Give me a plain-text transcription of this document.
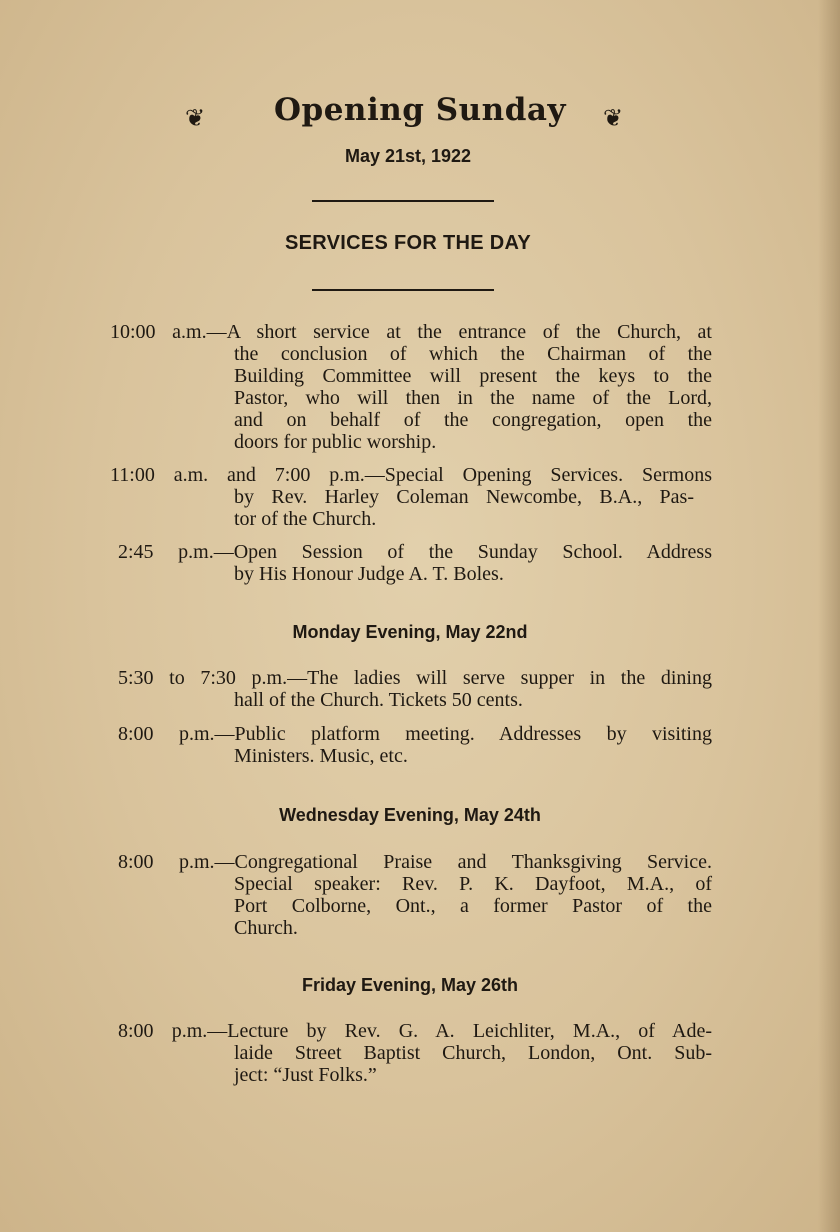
❦	Opening Sunday	❦
May 21st, 1922
SERVICES FOR THE DAY
10:00 a.m.—A short service at the entrance of the Church, at
the conclusion of which the Chairman of the
Building Committee will present the keys to the
Pastor, who will then in the name of the Lord,
and on behalf of the congregation, open the
doors for public worship.
11:00 a.m. and 7:00 p.m.—Special Opening Services. Sermons
by Rev. Harley Coleman Newcombe, B.A., Pas-
tor of the Church.
2:45 p.m.—Open Session of the Sunday School. Address
by His Honour Judge A. T. Boles.
Monday Evening, May 22nd
5:30 to 7:30 p.m.—The ladies will serve supper in the dining
hall of the Church. Tickets 50 cents.
8:00 p.m.—Public platform meeting. Addresses by visiting
Ministers. Music, etc.
Wednesday Evening, May 24th
8:00 p.m.—Congregational Praise and Thanksgiving Service.
Special speaker: Rev. P. K. Dayfoot, M.A., of
Port Colborne, Ont., a former Pastor of the
Church.
Friday Evening, May 26th
8:00 p.m.—Lecture by Rev. G. A. Leichliter, M.A., of Ade-
laide Street Baptist Church, London, Ont. Sub-
ject: “Just Folks.”
